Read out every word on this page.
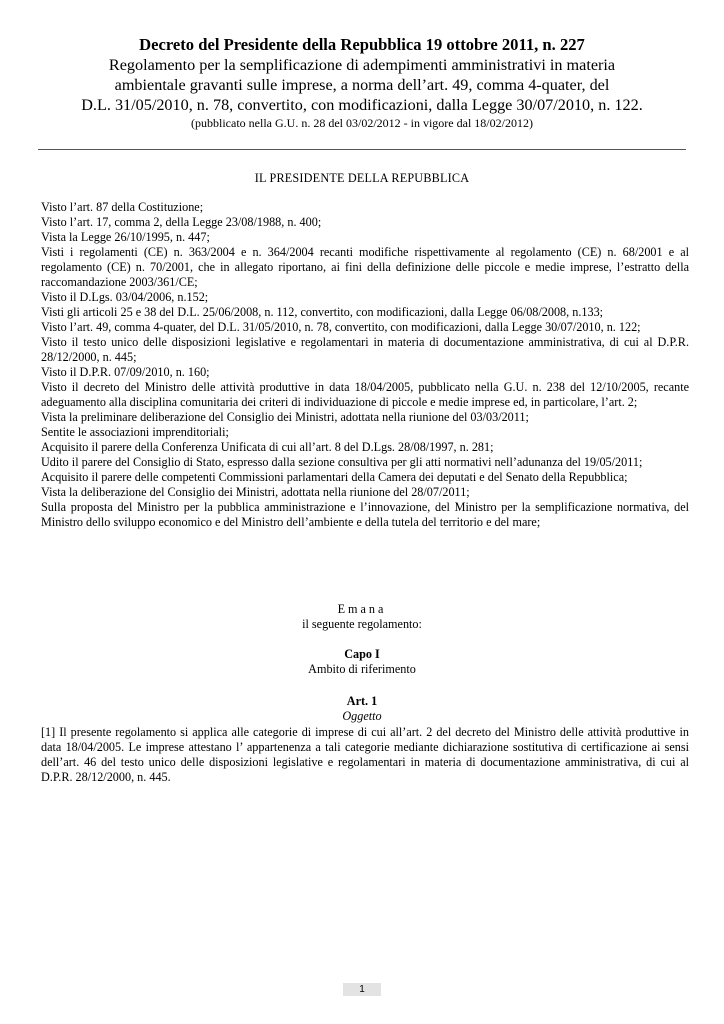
Decreto del Presidente della Repubblica 19 ottobre 2011, n. 227

Regolamento per la semplificazione di adempimenti amministrativi in materia

ambientale gravanti sulle imprese, a norma dell’art. 49, comma 4-quater, del

D.L. 31/05/2010, n. 78, convertito, con modificazioni, dalla Legge 30/07/2010, n. 122.

(pubblicato nella G.U. n. 28 del 03/02/2012 - in vigore dal 18/02/2012)

IL PRESIDENTE DELLA REPUBBLICA

Visto l’art. 87 della Costituzione;

Visto l’art. 17, comma 2, della Legge 23/08/1988, n. 400;

Vista la Legge 26/10/1995, n. 447;

Visti i regolamenti (CE) n. 363/2004 e n. 364/2004 recanti modifiche rispettivamente al regolamento (CE) n. 68/2001 e al regolamento (CE) n. 70/2001, che in allegato riportano, ai fini della definizione delle piccole e medie imprese, l’estratto della raccomandazione 2003/361/CE;

Visto il D.Lgs. 03/04/2006, n.152;

Visti gli articoli 25 e 38 del D.L. 25/06/2008, n. 112, convertito, con modificazioni, dalla Legge 06/08/2008, n.133;

Visto l’art. 49, comma 4-quater, del D.L. 31/05/2010, n. 78, convertito, con modificazioni, dalla Legge 30/07/2010, n. 122;

Visto il testo unico delle disposizioni legislative e regolamentari in materia di documentazione amministrativa, di cui al D.P.R. 28/12/2000, n. 445;

Visto il D.P.R. 07/09/2010, n. 160;

Visto il decreto del Ministro delle attività produttive in data 18/04/2005, pubblicato nella G.U. n. 238 del 12/10/2005, recante adeguamento alla disciplina comunitaria dei criteri di individuazione di piccole e medie imprese ed, in particolare, l’art. 2;

Vista la preliminare deliberazione del Consiglio dei Ministri, adottata nella riunione del 03/03/2011;

Sentite le associazioni imprenditoriali;

Acquisito il parere della Conferenza Unificata di cui all’art. 8 del D.Lgs. 28/08/1997, n. 281;

Udito il parere del Consiglio di Stato, espresso dalla sezione consultiva per gli atti normativi nell’adunanza del 19/05/2011;

Acquisito il parere delle competenti Commissioni parlamentari della Camera dei deputati e del Senato della Repubblica;

Vista la deliberazione del Consiglio dei Ministri, adottata nella riunione del 28/07/2011;

Sulla proposta del Ministro per la pubblica amministrazione e l’innovazione, del Ministro per la semplificazione normativa, del Ministro dello sviluppo economico e del Ministro dell’ambiente e della tutela del territorio e del mare;

Emana

il seguente regolamento:

Capo I

Ambito di riferimento

Art. 1

Oggetto

[1] Il presente regolamento si applica alle categorie di imprese di cui all’art. 2 del decreto del Ministro delle attività produttive in data 18/04/2005. Le imprese attestano l’ appartenenza a tali categorie mediante dichiarazione sostitutiva di certificazione ai sensi dell’art. 46 del testo unico delle disposizioni legislative e regolamentari in materia di documentazione amministrativa, di cui al D.P.R. 28/12/2000, n. 445.

1
